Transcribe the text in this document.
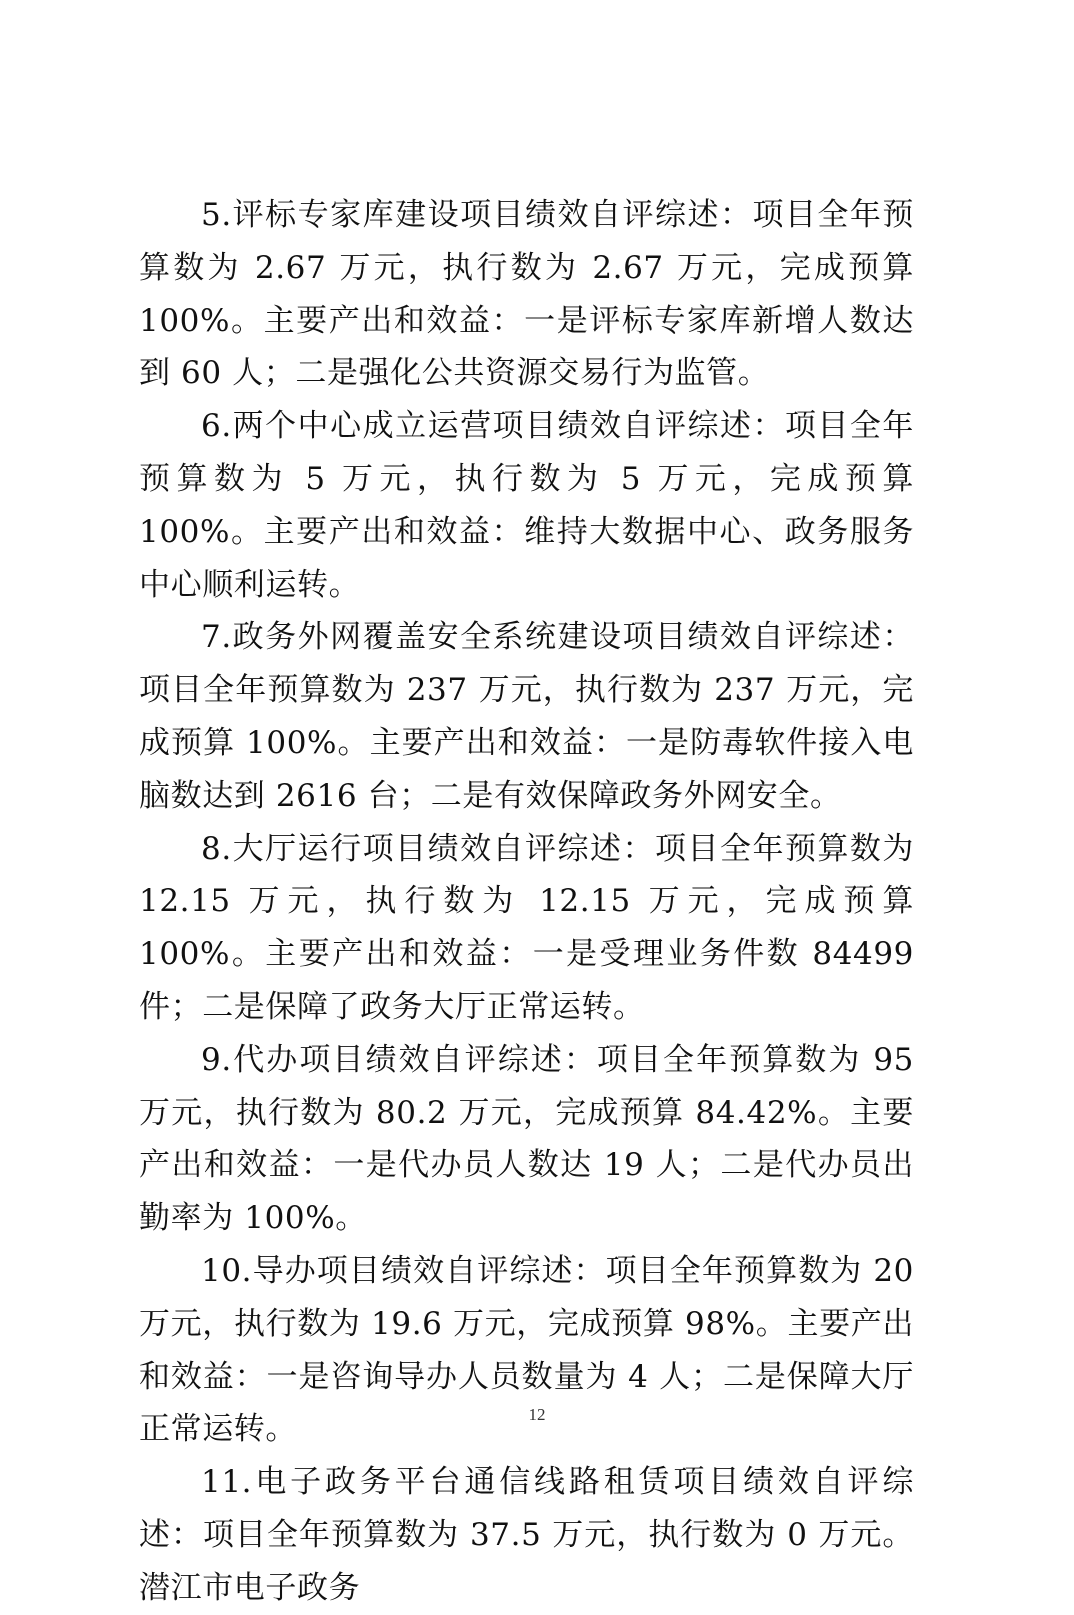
5.评标专家库建设项目绩效自评综述：项目全年预算数为 2.67 万元，执行数为 2.67 万元，完成预算 100%。主要产出和效益：一是评标专家库新增人数达到 60 人；二是强化公共资源交易行为监管。

6.两个中心成立运营项目绩效自评综述：项目全年预算数为 5 万元，执行数为 5 万元，完成预算 100%。主要产出和效益：维持大数据中心、政务服务中心顺利运转。

7.政务外网覆盖安全系统建设项目绩效自评综述：项目全年预算数为 237 万元，执行数为 237 万元，完成预算 100%。主要产出和效益：一是防毒软件接入电脑数达到 2616 台；二是有效保障政务外网安全。

8.大厅运行项目绩效自评综述：项目全年预算数为 12.15 万元，执行数为 12.15 万元，完成预算 100%。主要产出和效益：一是受理业务件数 84499 件；二是保障了政务大厅正常运转。

9.代办项目绩效自评综述：项目全年预算数为 95 万元，执行数为 80.2 万元，完成预算 84.42%。主要产出和效益：一是代办员人数达 19 人；二是代办员出勤率为 100%。

10.导办项目绩效自评综述：项目全年预算数为 20 万元，执行数为 19.6 万元，完成预算 98%。主要产出和效益：一是咨询导办人员数量为 4 人；二是保障大厅正常运转。

11.电子政务平台通信线路租赁项目绩效自评综述：项目全年预算数为 37.5 万元，执行数为 0 万元。潜江市电子政务

12
